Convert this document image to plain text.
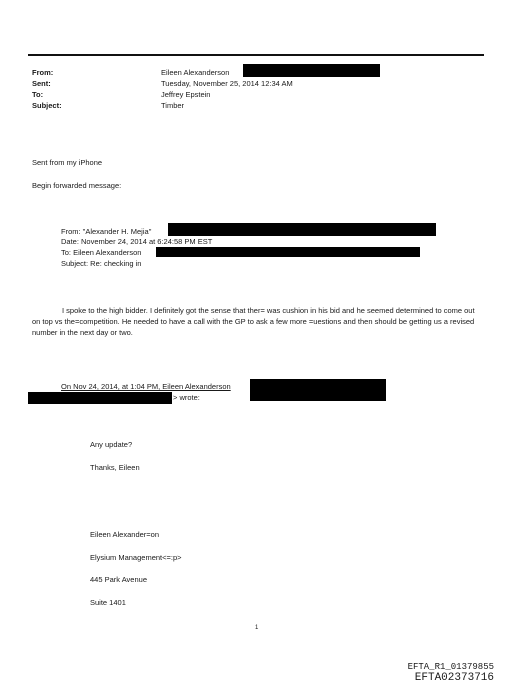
From:
Sent:
To:
Subject:
Eileen Alexanderson
Tuesday, November 25, 2014 12:34 AM
Jeffrey Epstein
Timber
Sent from my iPhone
Begin forwarded message:
From: "Alexander H. Mejia"
Date: November 24, 2014 at 6:24:58 PM EST
To: Eileen Alexanderson
Subject: Re: checking in
I spoke to the high bidder. I definitely got the sense that ther= was cushion in his bid and he seemed determined to come out on top vs the=competition. He needed to have a call with the GP to ask a few more =uestions and then should be getting us a revised number in the next day or two.
On Nov 24, 2014, at 1:04 PM, Eileen Alexanderson
> wrote:
Any update?
Thanks, Eileen
Eileen Alexander=on
Elysium Management<=:p>
445 Park Avenue
Suite 1401
1
EFTA_R1_01379855
EFTA02373716
